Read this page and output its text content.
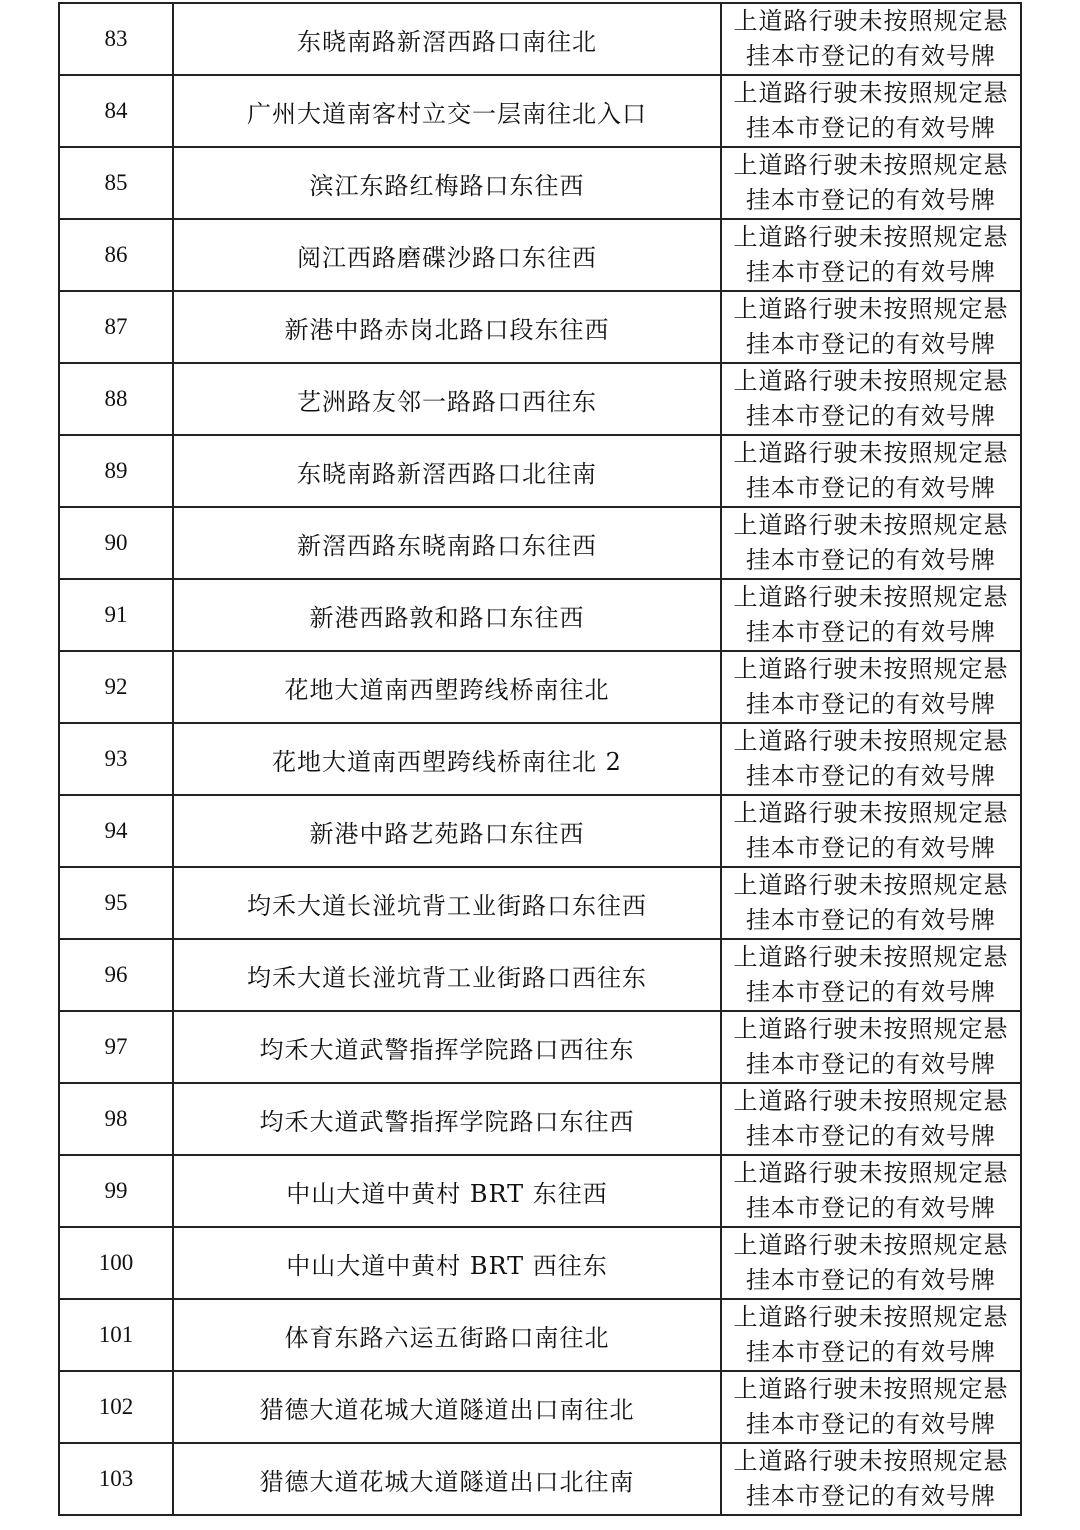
83	东晓南路新滘西路口南往北	上道路行驶未按照规定悬
挂本市登记的有效号牌

84	广州大道南客村立交一层南往北入口	上道路行驶未按照规定悬
挂本市登记的有效号牌

85	滨江东路红梅路口东往西	上道路行驶未按照规定悬
挂本市登记的有效号牌

86	阅江西路磨碟沙路口东往西	上道路行驶未按照规定悬
挂本市登记的有效号牌

87	新港中路赤岗北路口段东往西	上道路行驶未按照规定悬
挂本市登记的有效号牌

88	艺洲路友邻一路路口西往东	上道路行驶未按照规定悬
挂本市登记的有效号牌

89	东晓南路新滘西路口北往南	上道路行驶未按照规定悬
挂本市登记的有效号牌

90	新滘西路东晓南路口东往西	上道路行驶未按照规定悬
挂本市登记的有效号牌

91	新港西路敦和路口东往西	上道路行驶未按照规定悬
挂本市登记的有效号牌

92	花地大道南西塱跨线桥南往北	上道路行驶未按照规定悬
挂本市登记的有效号牌

93	花地大道南西塱跨线桥南往北 2	上道路行驶未按照规定悬
挂本市登记的有效号牌

94	新港中路艺苑路口东往西	上道路行驶未按照规定悬
挂本市登记的有效号牌

95	均禾大道长湴坑背工业街路口东往西	上道路行驶未按照规定悬
挂本市登记的有效号牌

96	均禾大道长湴坑背工业街路口西往东	上道路行驶未按照规定悬
挂本市登记的有效号牌

97	均禾大道武警指挥学院路口西往东	上道路行驶未按照规定悬
挂本市登记的有效号牌

98	均禾大道武警指挥学院路口东往西	上道路行驶未按照规定悬
挂本市登记的有效号牌

99	中山大道中黄村 BRT 东往西	上道路行驶未按照规定悬
挂本市登记的有效号牌

100	中山大道中黄村 BRT 西往东	上道路行驶未按照规定悬
挂本市登记的有效号牌

101	体育东路六运五街路口南往北	上道路行驶未按照规定悬
挂本市登记的有效号牌

102	猎德大道花城大道隧道出口南往北	上道路行驶未按照规定悬
挂本市登记的有效号牌

103	猎德大道花城大道隧道出口北往南	上道路行驶未按照规定悬
挂本市登记的有效号牌
